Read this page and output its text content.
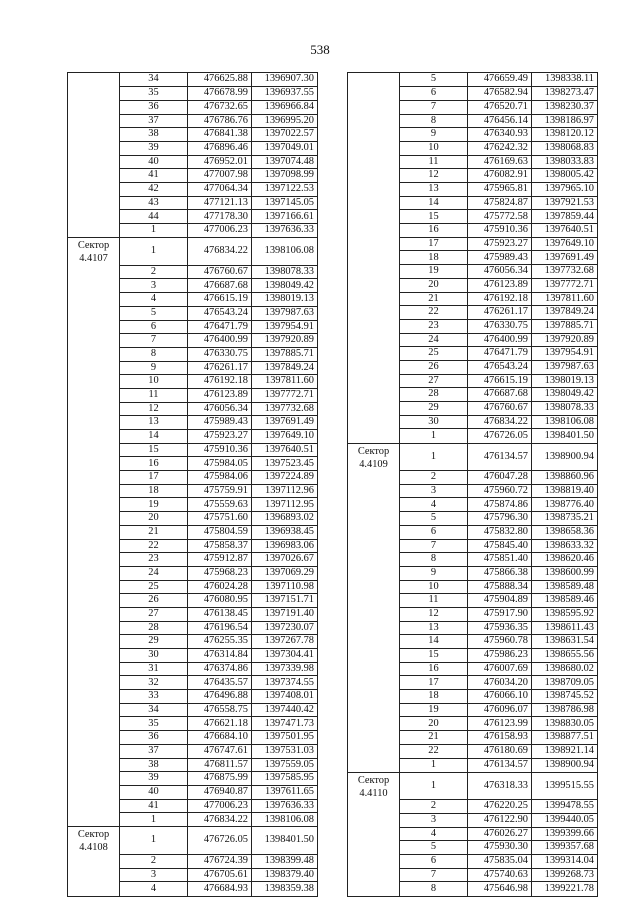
538
	34	476625.88	1396907.30
	35	476678.99	1396937.55
	36	476732.65	1396966.84
	37	476786.76	1396995.20
	38	476841.38	1397022.57
	39	476896.46	1397049.01
	40	476952.01	1397074.48
	41	477007.98	1397098.99
	42	477064.34	1397122.53
	43	477121.13	1397145.05
	44	477178.30	1397166.61
	1	477006.23	1397636.33
Сектор 4.4107	1	476834.22	1398106.08
	2	476760.67	1398078.33
	3	476687.68	1398049.42
	4	476615.19	1398019.13
	5	476543.24	1397987.63
	6	476471.79	1397954.91
	7	476400.99	1397920.89
	8	476330.75	1397885.71
	9	476261.17	1397849.24
	10	476192.18	1397811.60
	11	476123.89	1397772.71
	12	476056.34	1397732.68
	13	475989.43	1397691.49
	14	475923.27	1397649.10
	15	475910.36	1397640.51
	16	475984.05	1397523.45
	17	475984.06	1397224.89
	18	475759.91	1397112.96
	19	475559.63	1397112.95
	20	475751.60	1396893.02
	21	475804.59	1396938.45
	22	475858.37	1396983.06
	23	475912.87	1397026.67
	24	475968.23	1397069.29
	25	476024.28	1397110.98
	26	476080.95	1397151.71
	27	476138.45	1397191.40
	28	476196.54	1397230.07
	29	476255.35	1397267.78
	30	476314.84	1397304.41
	31	476374.86	1397339.98
	32	476435.57	1397374.55
	33	476496.88	1397408.01
	34	476558.75	1397440.42
	35	476621.18	1397471.73
	36	476684.10	1397501.95
	37	476747.61	1397531.03
	38	476811.57	1397559.05
	39	476875.99	1397585.95
	40	476940.87	1397611.65
	41	477006.23	1397636.33
	1	476834.22	1398106.08
Сектор 4.4108	1	476726.05	1398401.50
	2	476724.39	1398399.48
	3	476705.61	1398379.40
	4	476684.93	1398359.38
	5	476659.49	1398338.11
	6	476582.94	1398273.47
	7	476520.71	1398230.37
	8	476456.14	1398186.97
	9	476340.93	1398120.12
	10	476242.32	1398068.83
	11	476169.63	1398033.83
	12	476082.91	1398005.42
	13	475965.81	1397965.10
	14	475824.87	1397921.53
	15	475772.58	1397859.44
	16	475910.36	1397640.51
	17	475923.27	1397649.10
	18	475989.43	1397691.49
	19	476056.34	1397732.68
	20	476123.89	1397772.71
	21	476192.18	1397811.60
	22	476261.17	1397849.24
	23	476330.75	1397885.71
	24	476400.99	1397920.89
	25	476471.79	1397954.91
	26	476543.24	1397987.63
	27	476615.19	1398019.13
	28	476687.68	1398049.42
	29	476760.67	1398078.33
	30	476834.22	1398106.08
	1	476726.05	1398401.50
Сектор 4.4109	1	476134.57	1398900.94
	2	476047.28	1398860.96
	3	475960.72	1398819.40
	4	475874.86	1398776.40
	5	475796.30	1398735.21
	6	475832.80	1398658.36
	7	475845.40	1398633.32
	8	475851.40	1398620.46
	9	475866.38	1398600.99
	10	475888.34	1398589.48
	11	475904.89	1398589.46
	12	475917.90	1398595.92
	13	475936.35	1398611.43
	14	475960.78	1398631.54
	15	475986.23	1398655.56
	16	476007.69	1398680.02
	17	476034.20	1398709.05
	18	476066.10	1398745.52
	19	476096.07	1398786.98
	20	476123.99	1398830.05
	21	476158.93	1398877.51
	22	476180.69	1398921.14
	1	476134.57	1398900.94
Сектор 4.4110	1	476318.33	1399515.55
	2	476220.25	1399478.55
	3	476122.90	1399440.05
	4	476026.27	1399399.66
	5	475930.30	1399357.68
	6	475835.04	1399314.04
	7	475740.63	1399268.73
	8	475646.98	1399221.78
